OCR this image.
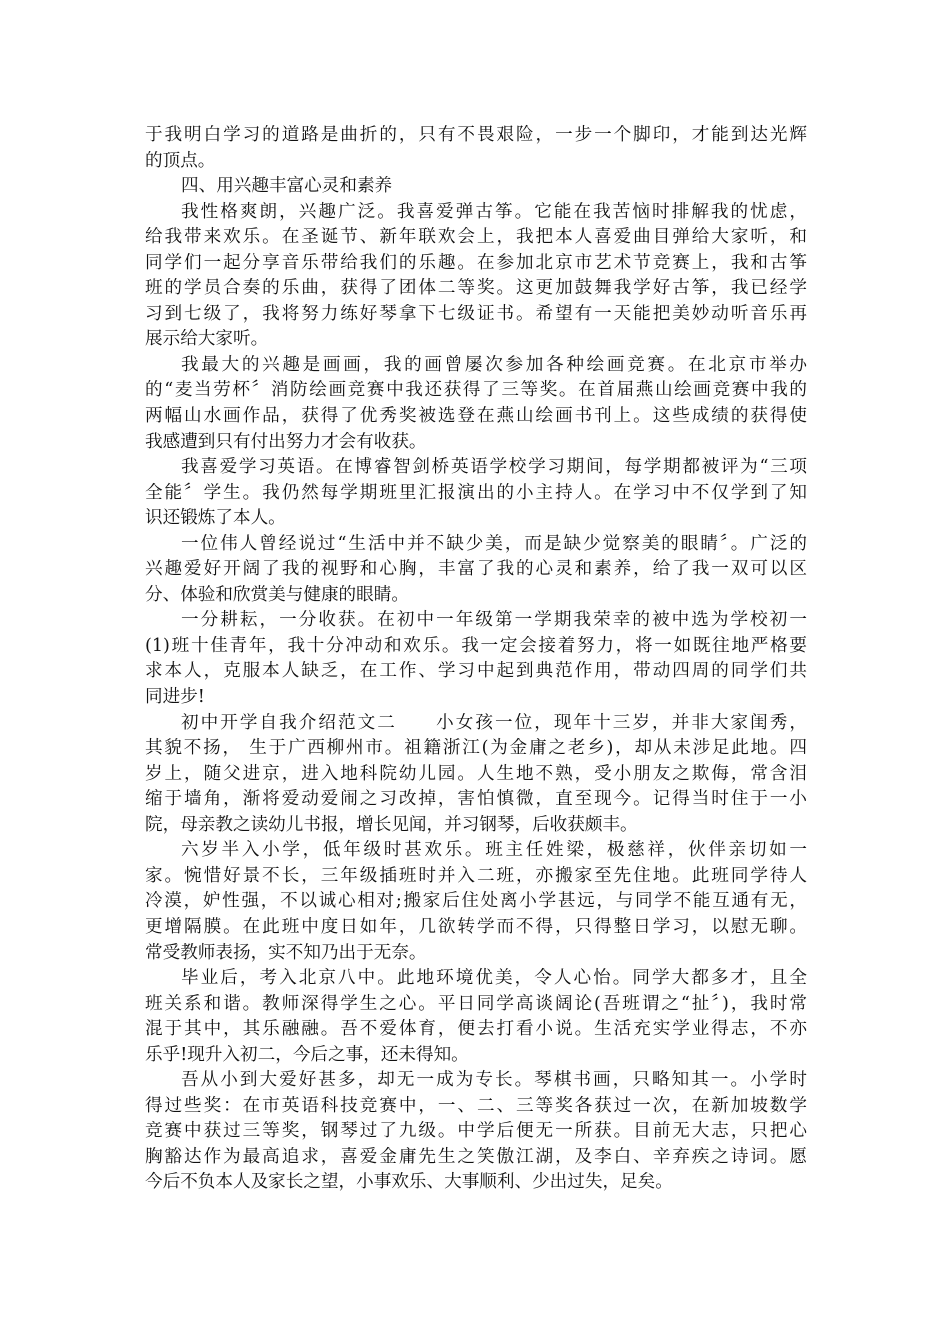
于我明白学习的道路是曲折的，只有不畏艰险，一步一个脚印，才能到达光辉
的顶点。
四、用兴趣丰富心灵和素养
我性格爽朗，兴趣广泛。我喜爱弹古筝。它能在我苦恼时排解我的忧虑，
给我带来欢乐。在圣诞节、新年联欢会上，我把本人喜爱曲目弹给大家听，和
同学们一起分享音乐带给我们的乐趣。在参加北京市艺术节竞赛上，我和古筝
班的学员合奏的乐曲，获得了团体二等奖。这更加鼓舞我学好古筝，我已经学
习到七级了，我将努力练好琴拿下七级证书。希望有一天能把美妙动听音乐再
展示给大家听。
我最大的兴趣是画画，我的画曾屡次参加各种绘画竞赛。在北京市举办
的“麦当劳杯〞消防绘画竞赛中我还获得了三等奖。在首届燕山绘画竞赛中我的
两幅山水画作品，获得了优秀奖被选登在燕山绘画书刊上。这些成绩的获得使
我感遭到只有付出努力才会有收获。
我喜爱学习英语。在博睿智剑桥英语学校学习期间，每学期都被评为“三项
全能〞学生。我仍然每学期班里汇报演出的小主持人。在学习中不仅学到了知
识还锻炼了本人。
一位伟人曾经说过“生活中并不缺少美，而是缺少觉察美的眼睛〞。广泛的
兴趣爱好开阔了我的视野和心胸，丰富了我的心灵和素养，给了我一双可以区
分、体验和欣赏美与健康的眼睛。
一分耕耘，一分收获。在初中一年级第一学期我荣幸的被中选为学校初一
(1)班十佳青年，我十分冲动和欢乐。我一定会接着努力，将一如既往地严格要
求本人，克服本人缺乏，在工作、学习中起到典范作用，带动四周的同学们共
同进步!
初中开学自我介绍范文二　　小女孩一位，现年十三岁，并非大家闺秀，
其貌不扬， 生于广西柳州市。祖籍浙江(为金庸之老乡)，却从未涉足此地。四
岁上，随父进京，进入地科院幼儿园。人生地不熟，受小朋友之欺侮，常含泪
缩于墙角，渐将爱动爱闹之习改掉，害怕慎微，直至现今。记得当时住于一小
院，母亲教之读幼儿书报，增长见闻，并习钢琴，后收获颇丰。
六岁半入小学，低年级时甚欢乐。班主任姓梁，极慈祥，伙伴亲切如一
家。惋惜好景不长，三年级插班时并入二班，亦搬家至先住地。此班同学待人
冷漠，妒性强，不以诚心相对;搬家后住处离小学甚远，与同学不能互通有无，
更增隔膜。在此班中度日如年，几欲转学而不得，只得整日学习，以慰无聊。
常受教师表扬，实不知乃出于无奈。
毕业后，考入北京八中。此地环境优美，令人心怡。同学大都多才，且全
班关系和谐。教师深得学生之心。平日同学高谈阔论(吾班谓之“扯〞)，我时常
混于其中，其乐融融。吾不爱体育，便去打看小说。生活充实学业得志，不亦
乐乎!现升入初二，今后之事，还未得知。
吾从小到大爱好甚多，却无一成为专长。琴棋书画，只略知其一。小学时
得过些奖：在市英语科技竞赛中，一、二、三等奖各获过一次，在新加坡数学
竞赛中获过三等奖，钢琴过了九级。中学后便无一所获。目前无大志，只把心
胸豁达作为最高追求，喜爱金庸先生之笑傲江湖，及李白、辛弃疾之诗词。愿
今后不负本人及家长之望，小事欢乐、大事顺利、少出过失，足矣。
